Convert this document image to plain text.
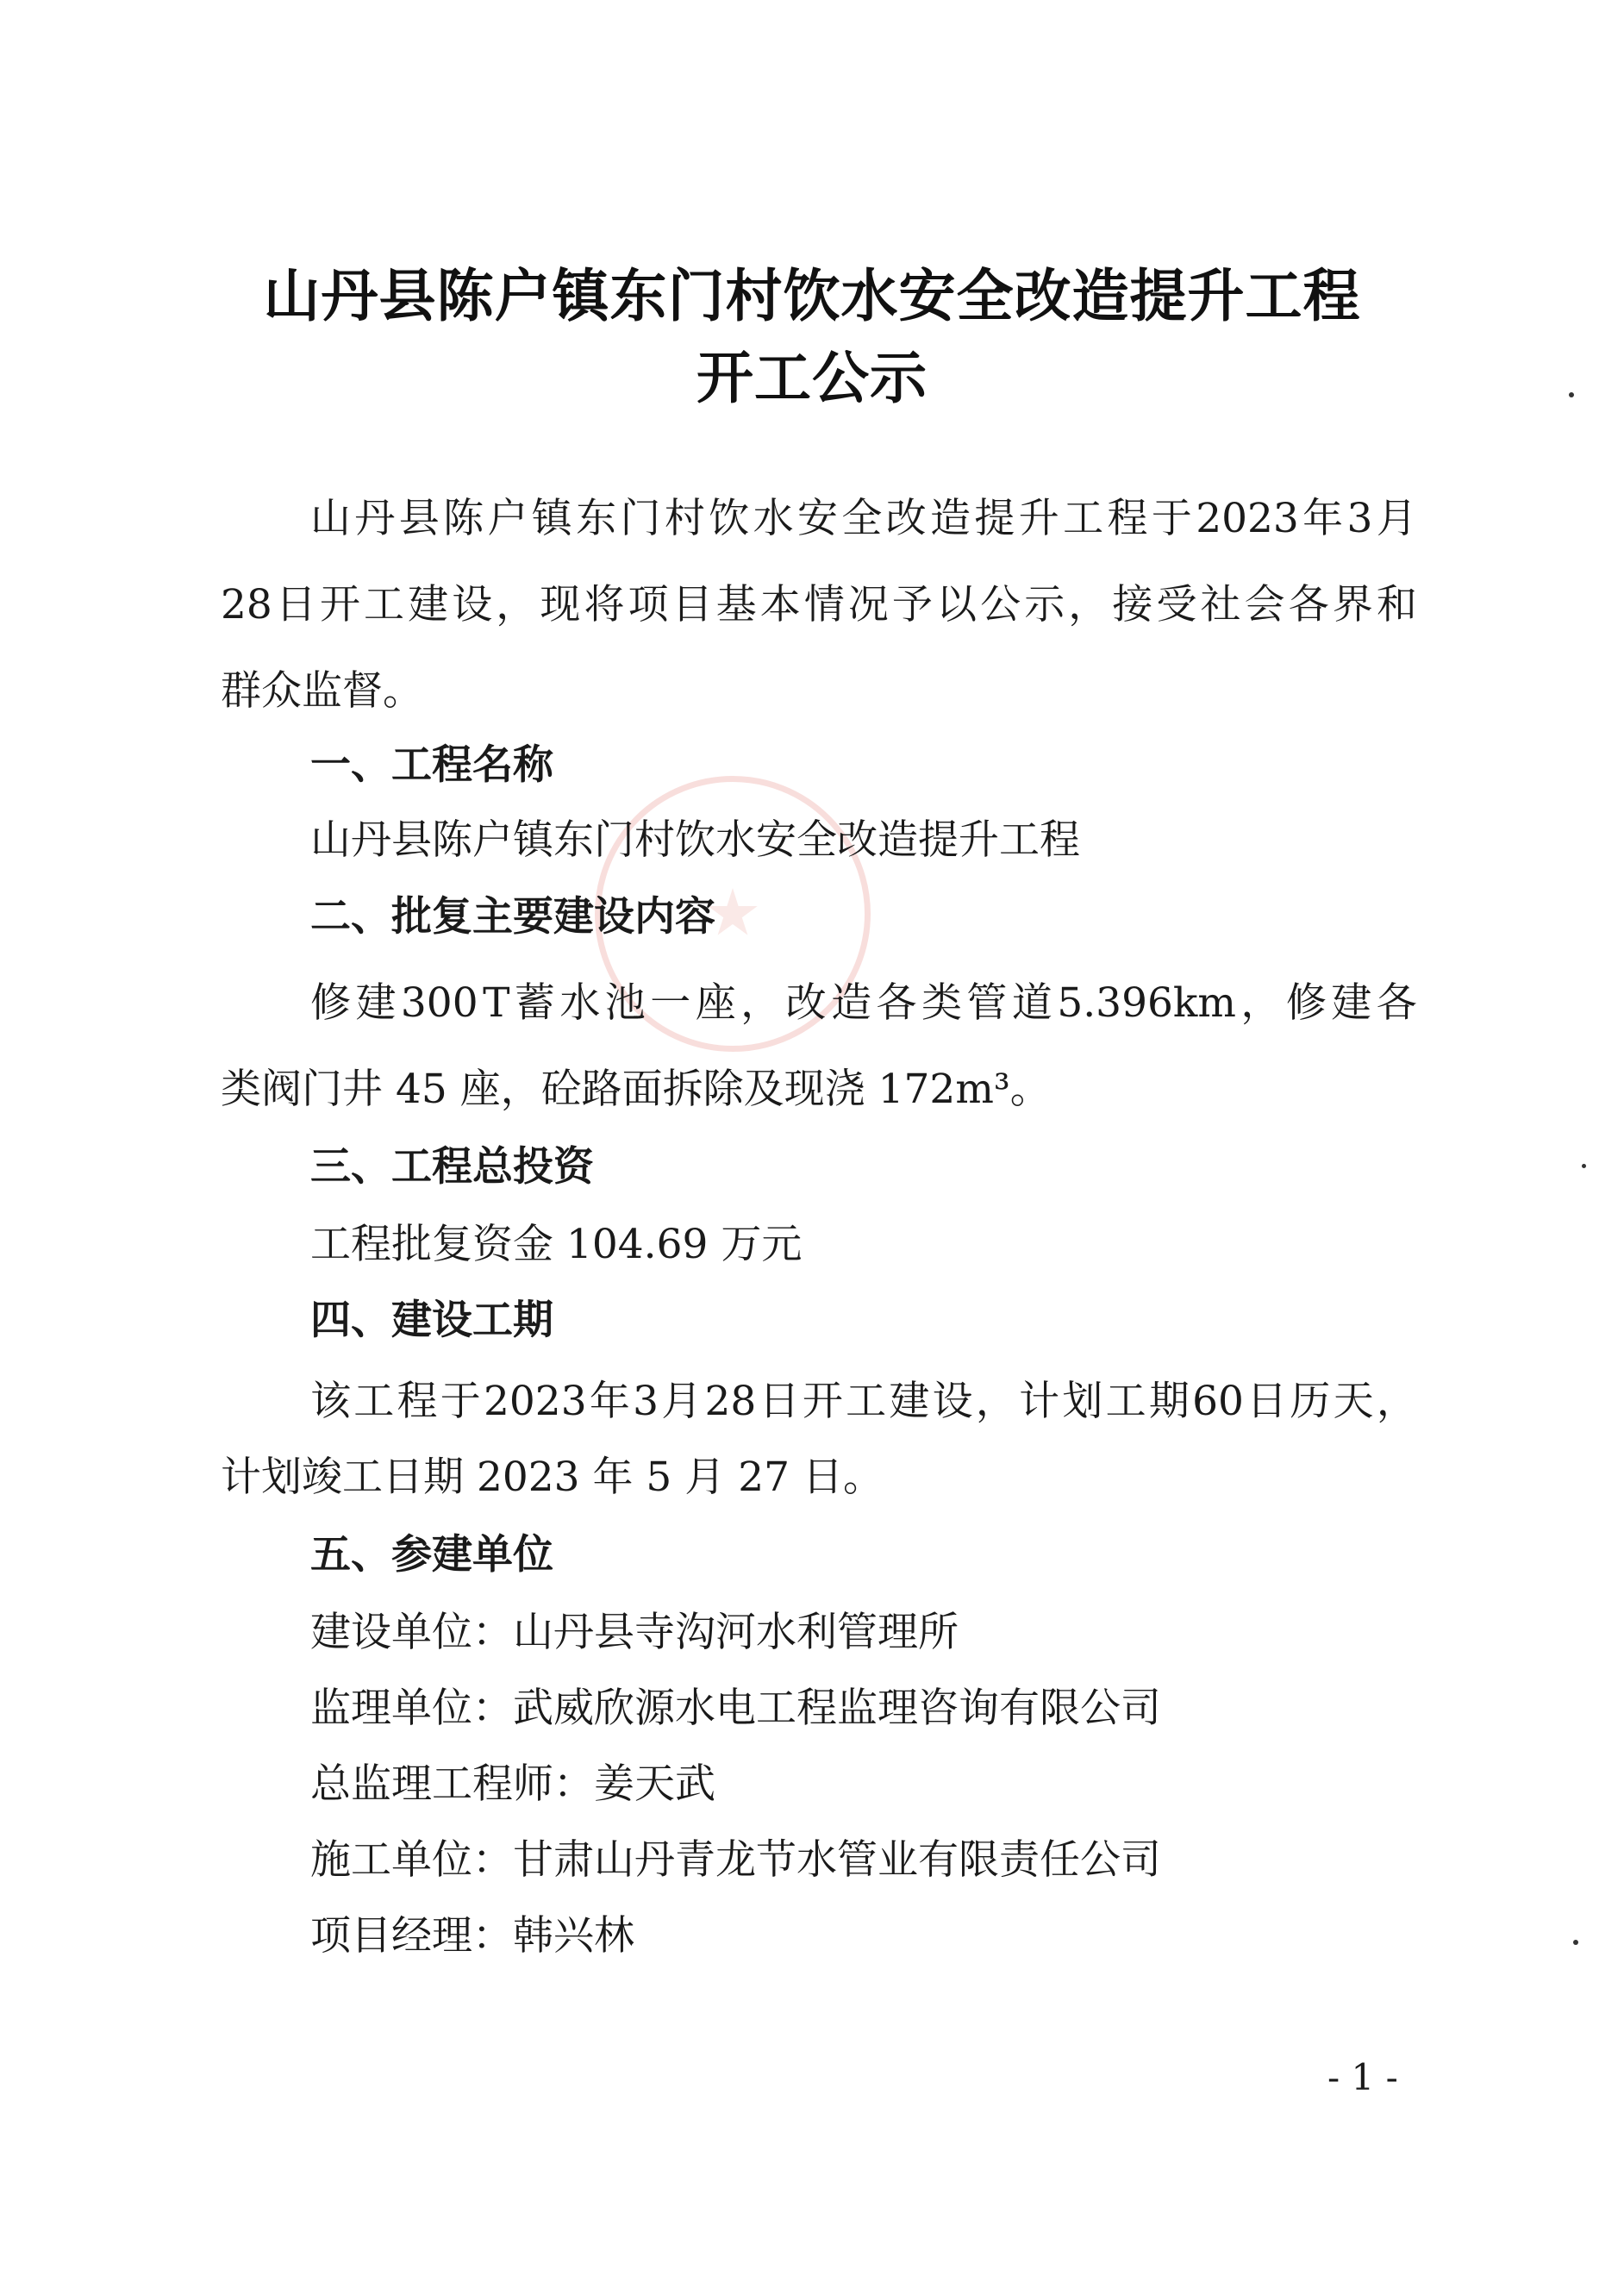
山丹县陈户镇东门村饮水安全改造提升工程
开工公示
山 丹 县 陈 户 镇 东 门 村 饮 水 安 全 改 造 提 升 工 程 于 2023 年 3 月
28 日 开 工 建 设 ， 现 将 项 目 基 本 情 况 予 以 公 示 ， 接 受 社 会 各 界 和
群众监督。
一、工程名称
山丹县陈户镇东门村饮水安全改造提升工程
二、批复主要建设内容
修 建 300 T 蓄 水 池 一 座 ， 改 造 各 类 管 道 5.396km ， 修 建 各
类阀门井 45 座，砼路面拆除及现浇 172m³。
三、工程总投资
工程批复资金 104.69 万元
四、建设工期
该 工 程 于 2023 年 3 月 28 日 开 工 建 设 ， 计 划 工 期 60 日 历 天 ，
计划竣工日期 2023 年 5 月 27 日。
五、参建单位
建设单位：山丹县寺沟河水利管理所
监理单位：武威欣源水电工程监理咨询有限公司
总监理工程师：姜天武
施工单位：甘肃山丹青龙节水管业有限责任公司
项目经理：韩兴林
- 1 -
